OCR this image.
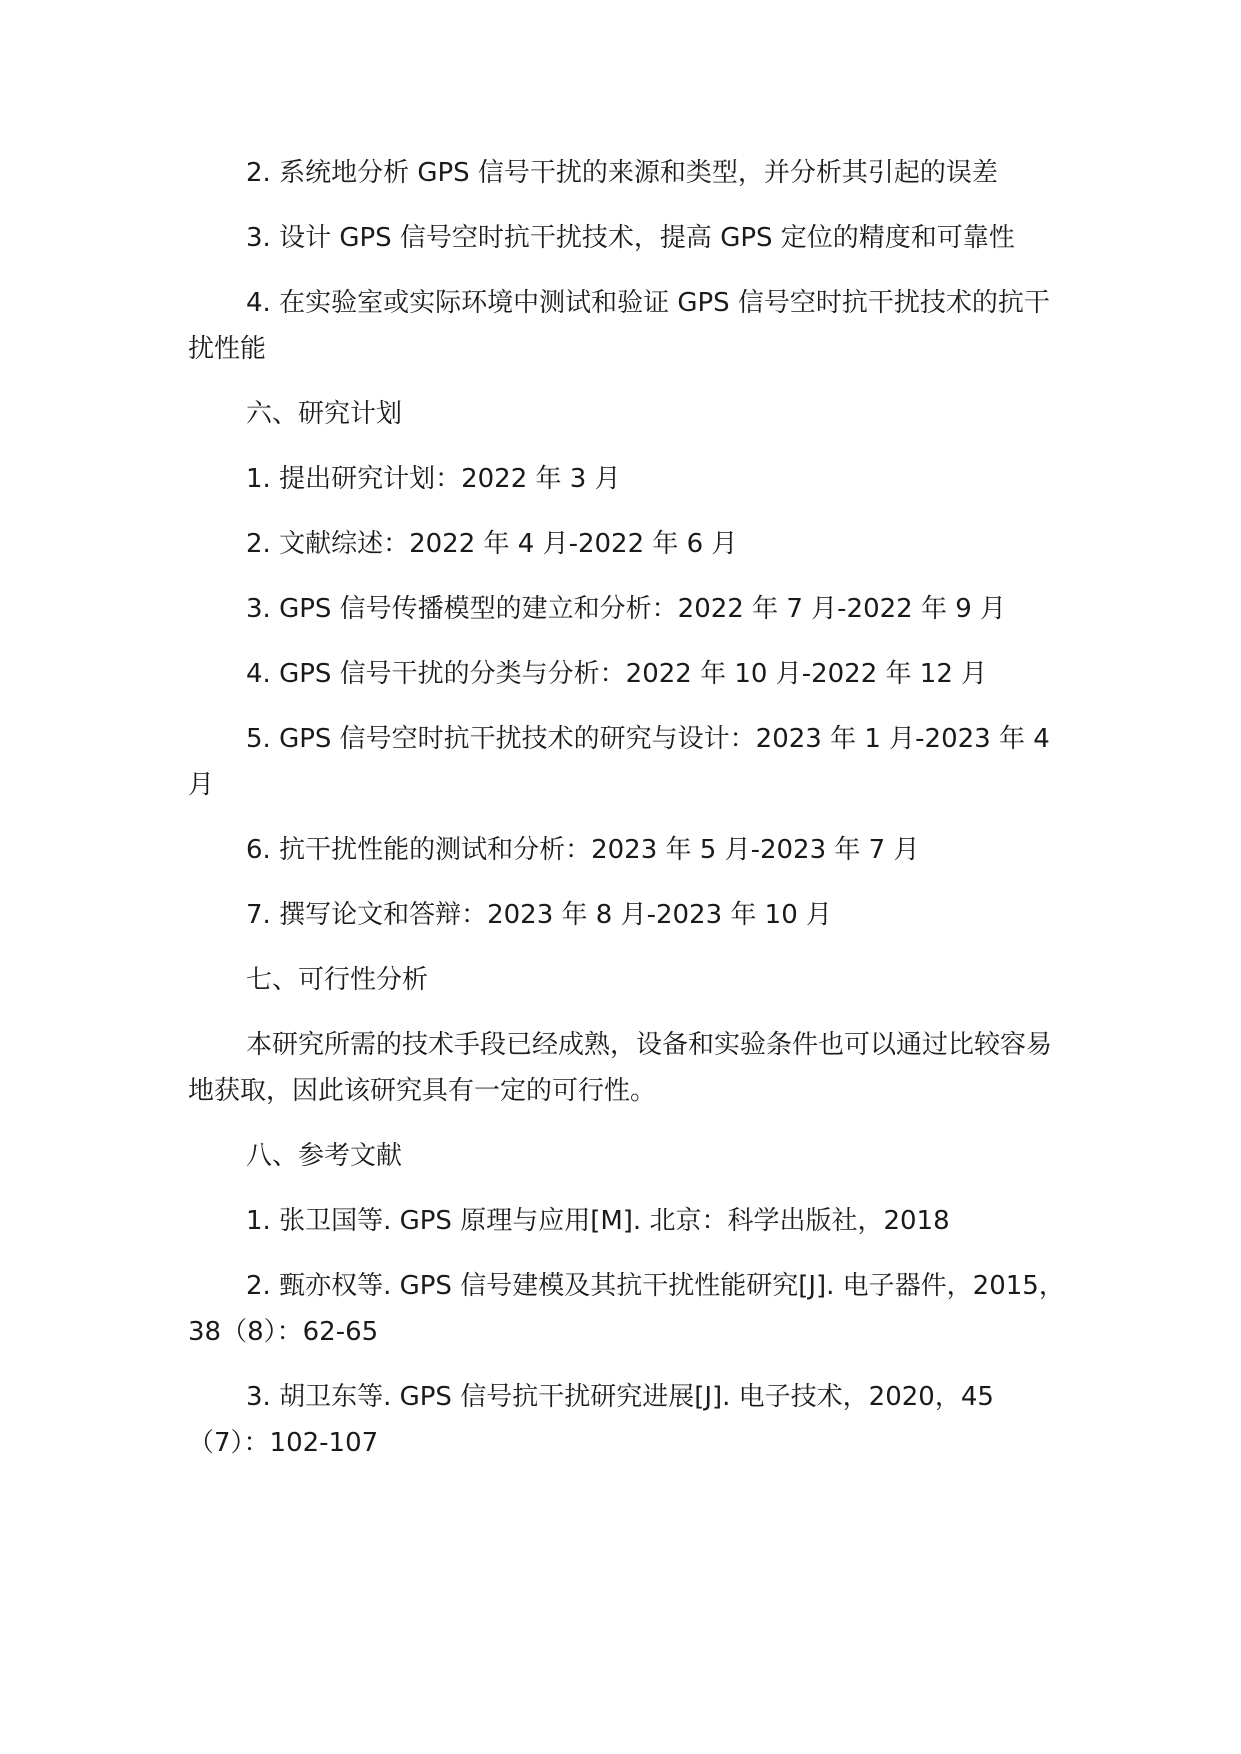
2. 系统地分析 GPS 信号干扰的来源和类型，并分析其引起的误差

3. 设计 GPS 信号空时抗干扰技术，提高 GPS 定位的精度和可靠性

4. 在实验室或实际环境中测试和验证 GPS 信号空时抗干扰技术的抗干扰性能

六、研究计划

1. 提出研究计划：2022 年 3 月

2. 文献综述：2022 年 4 月-2022 年 6 月

3. GPS 信号传播模型的建立和分析：2022 年 7 月-2022 年 9 月

4. GPS 信号干扰的分类与分析：2022 年 10 月-2022 年 12 月

5. GPS 信号空时抗干扰技术的研究与设计：2023 年 1 月-2023 年 4 月

6. 抗干扰性能的测试和分析：2023 年 5 月-2023 年 7 月

7. 撰写论文和答辩：2023 年 8 月-2023 年 10 月

七、可行性分析

本研究所需的技术手段已经成熟，设备和实验条件也可以通过比较容易地获取，因此该研究具有一定的可行性。

八、参考文献

1. 张卫国等. GPS 原理与应用[M]. 北京：科学出版社，2018

2. 甄亦权等. GPS 信号建模及其抗干扰性能研究[J]. 电子器件，2015，38（8）：62-65

3. 胡卫东等. GPS 信号抗干扰研究进展[J]. 电子技术，2020，45（7）：102-107
